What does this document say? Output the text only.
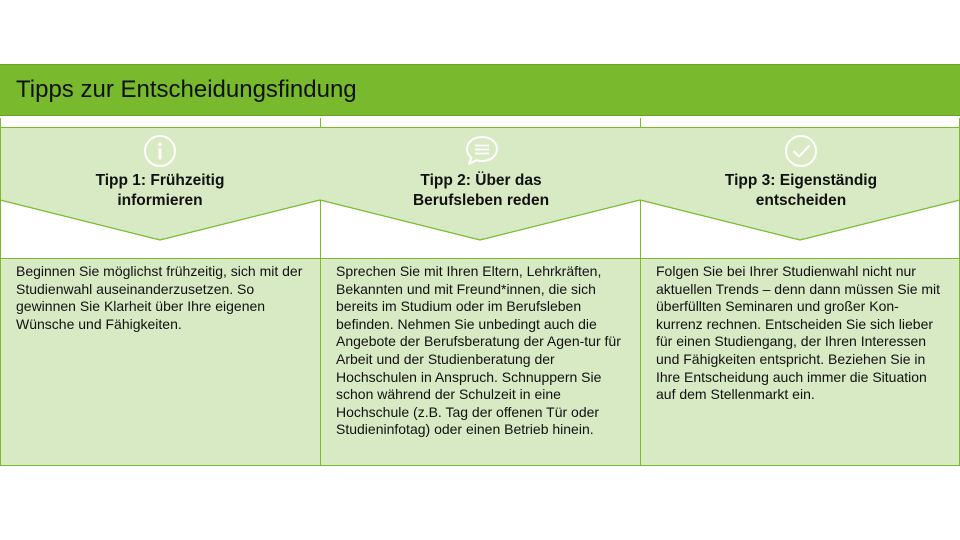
Tipps zur Entscheidungsfindung
Tipp 1: Frühzeitig
informieren
Beginnen Sie möglichst frühzeitig, sich mit der Studienwahl auseinanderzusetzen. So gewinnen Sie Klarheit über Ihre eigenen Wünsche und Fähigkeiten.
Tipp 2: Über das
Berufsleben reden
Sprechen Sie mit Ihren Eltern, Lehrkräften, Bekannten und mit Freund*innen, die sich bereits im Studium oder im Berufsleben befinden. Nehmen Sie unbedingt auch die Angebote der Berufsberatung der Agen-tur für Arbeit und der Studienberatung der Hochschulen in Anspruch. Schnuppern Sie schon während der Schulzeit in eine Hochschule (z.B. Tag der offenen Tür oder Studieninfotag) oder einen Betrieb hinein.
Tipp 3: Eigenständig
entscheiden
Folgen Sie bei Ihrer Studienwahl nicht nur aktuellen Trends – denn dann müssen Sie mit überfüllten Seminaren und großer Kon-kurrenz rechnen. Entscheiden Sie sich lieber für einen Studiengang, der Ihren Interessen und Fähigkeiten entspricht. Beziehen Sie in Ihre Entscheidung auch immer die Situation auf dem Stellenmarkt ein.
